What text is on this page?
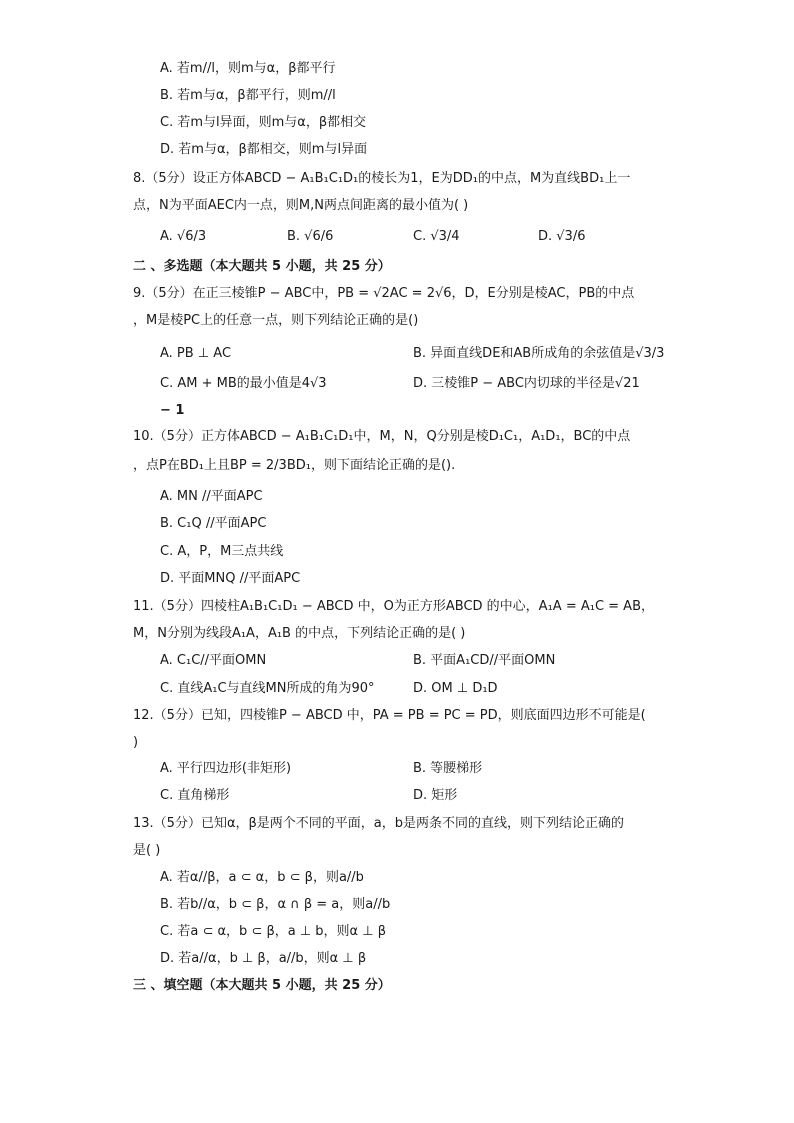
A. 若m//l，则m与α，β都平行
B. 若m与α，β都平行，则m//l
C. 若m与l异面，则m与α，β都相交
D. 若m与α，β都相交，则m与l异面
8.（5分）设正方体ABCD − A₁B₁C₁D₁的棱长为1，E为DD₁的中点，M为直线BD₁上一
点，N为平面AEC内一点，则M,N两点间距离的最小值为( )
A. √6/3	B. √6/6	C. √3/4	D. √3/6
二 、多选题（本大题共 5 小题，共 25 分）
9.（5分）在正三棱锥P − ABC中，PB = √2AC = 2√6，D，E分别是棱AC，PB的中点
，M是棱PC上的任意一点，则下列结论正确的是()
A. PB ⊥ AC	B. 异面直线DE和AB所成角的余弦值是√3/3
C. AM + MB的最小值是4√3	D. 三棱锥P − ABC内切球的半径是√21
− 1
10.（5分）正方体ABCD − A₁B₁C₁D₁中，M，N，Q分别是棱D₁C₁，A₁D₁，BC的中点
，点P在BD₁上且BP = 2/3BD₁，则下面结论正确的是().
A. MN //平面APC
B. C₁Q //平面APC
C. A，P，M三点共线
D. 平面MNQ //平面APC
11.（5分）四棱柱A₁B₁C₁D₁ − ABCD 中，O为正方形ABCD 的中心，A₁A = A₁C = AB，
M，N分别为线段A₁A，A₁B 的中点，下列结论正确的是( )
A. C₁C//平面OMN	B. 平面A₁CD//平面OMN
C. 直线A₁C与直线MN所成的角为90°	D. OM ⊥ D₁D
12.（5分）已知，四棱锥P − ABCD 中，PA = PB = PC = PD，则底面四边形不可能是(
)
A. 平行四边形(非矩形)	B. 等腰梯形
C. 直角梯形	D. 矩形
13.（5分）已知α，β是两个不同的平面，a，b是两条不同的直线，则下列结论正确的
是( )
A. 若α//β，a ⊂ α，b ⊂ β，则a//b
B. 若b//α，b ⊂ β，α ∩ β = a，则a//b
C. 若a ⊂ α，b ⊂ β，a ⊥ b，则α ⊥ β
D. 若a//α，b ⊥ β，a//b，则α ⊥ β
三 、填空题（本大题共 5 小题，共 25 分）
